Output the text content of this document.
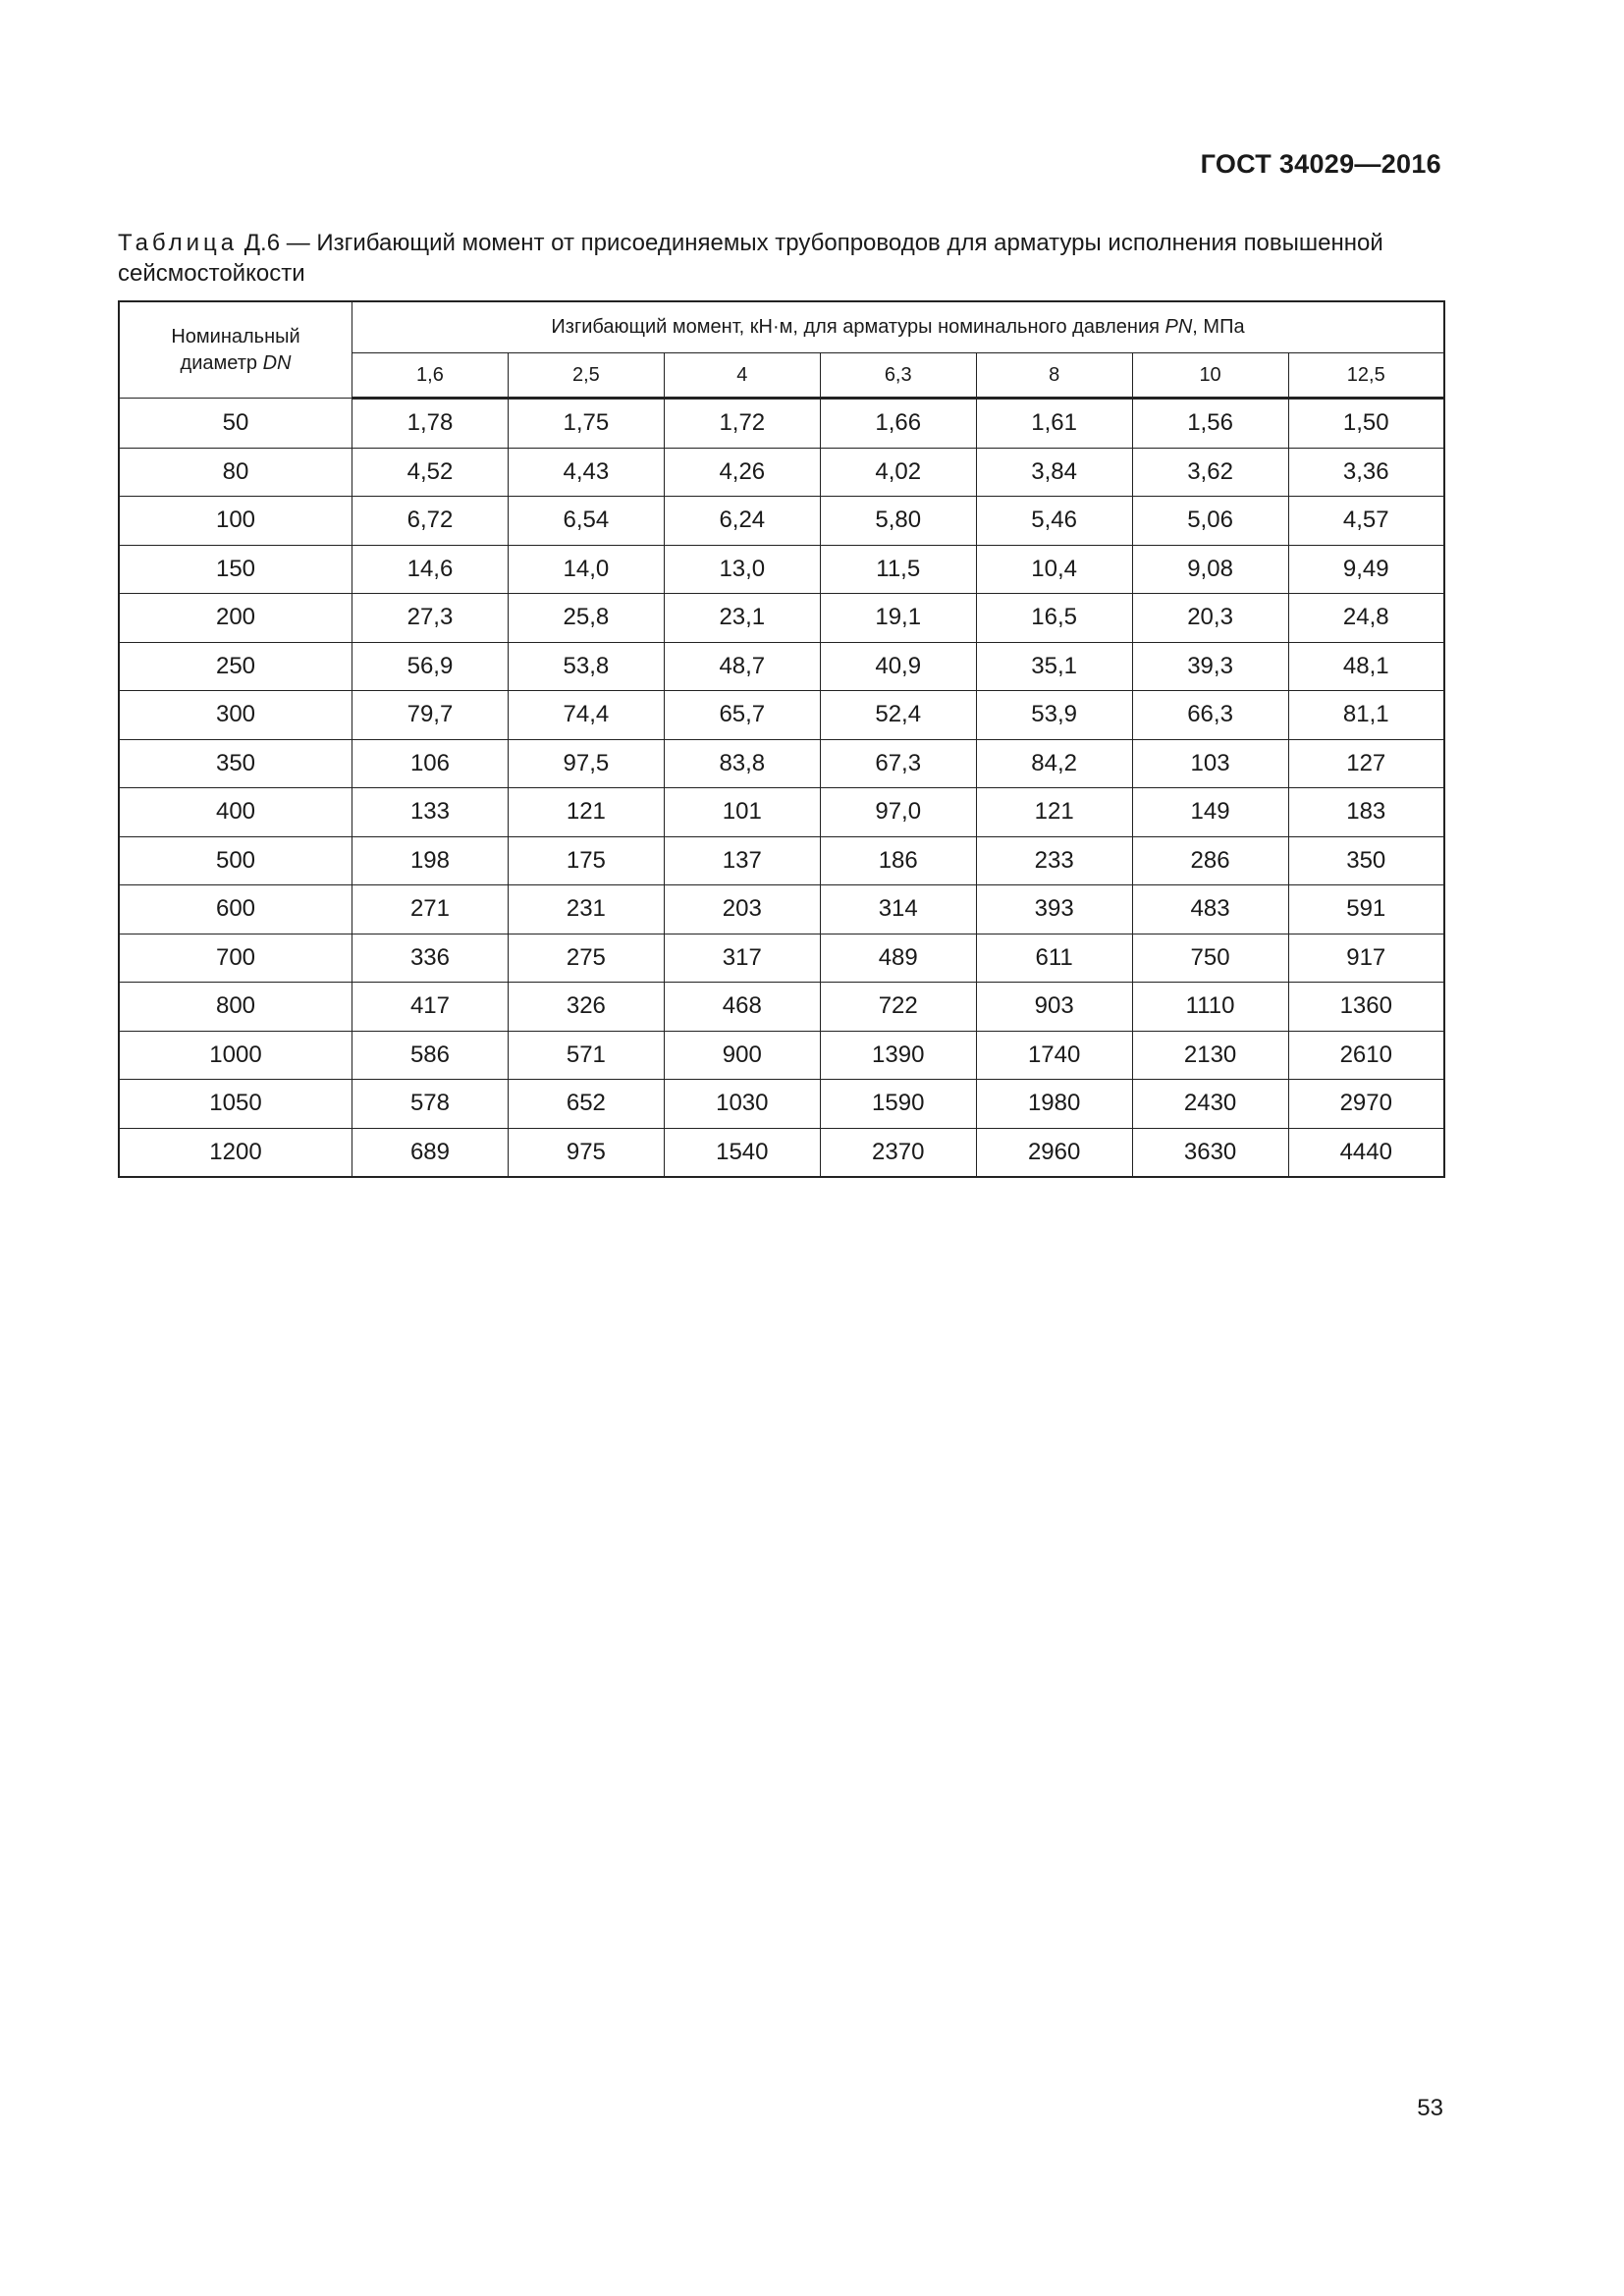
ГОСТ 34029—2016
Таблица Д.6 — Изгибающий момент от присоединяемых трубопроводов для арматуры исполнения повышенной сейсмостойкости
Номинальный
диаметр DN	Изгибающий момент, кН·м, для арматуры номинального давления PN, МПа						
	1,6	2,5	4	6,3	8	10	12,5
50	1,78	1,75	1,72	1,66	1,61	1,56	1,50
80	4,52	4,43	4,26	4,02	3,84	3,62	3,36
100	6,72	6,54	6,24	5,80	5,46	5,06	4,57
150	14,6	14,0	13,0	11,5	10,4	9,08	9,49
200	27,3	25,8	23,1	19,1	16,5	20,3	24,8
250	56,9	53,8	48,7	40,9	35,1	39,3	48,1
300	79,7	74,4	65,7	52,4	53,9	66,3	81,1
350	106	97,5	83,8	67,3	84,2	103	127
400	133	121	101	97,0	121	149	183
500	198	175	137	186	233	286	350
600	271	231	203	314	393	483	591
700	336	275	317	489	611	750	917
800	417	326	468	722	903	1110	1360
1000	586	571	900	1390	1740	2130	2610
1050	578	652	1030	1590	1980	2430	2970
1200	689	975	1540	2370	2960	3630	4440
53
